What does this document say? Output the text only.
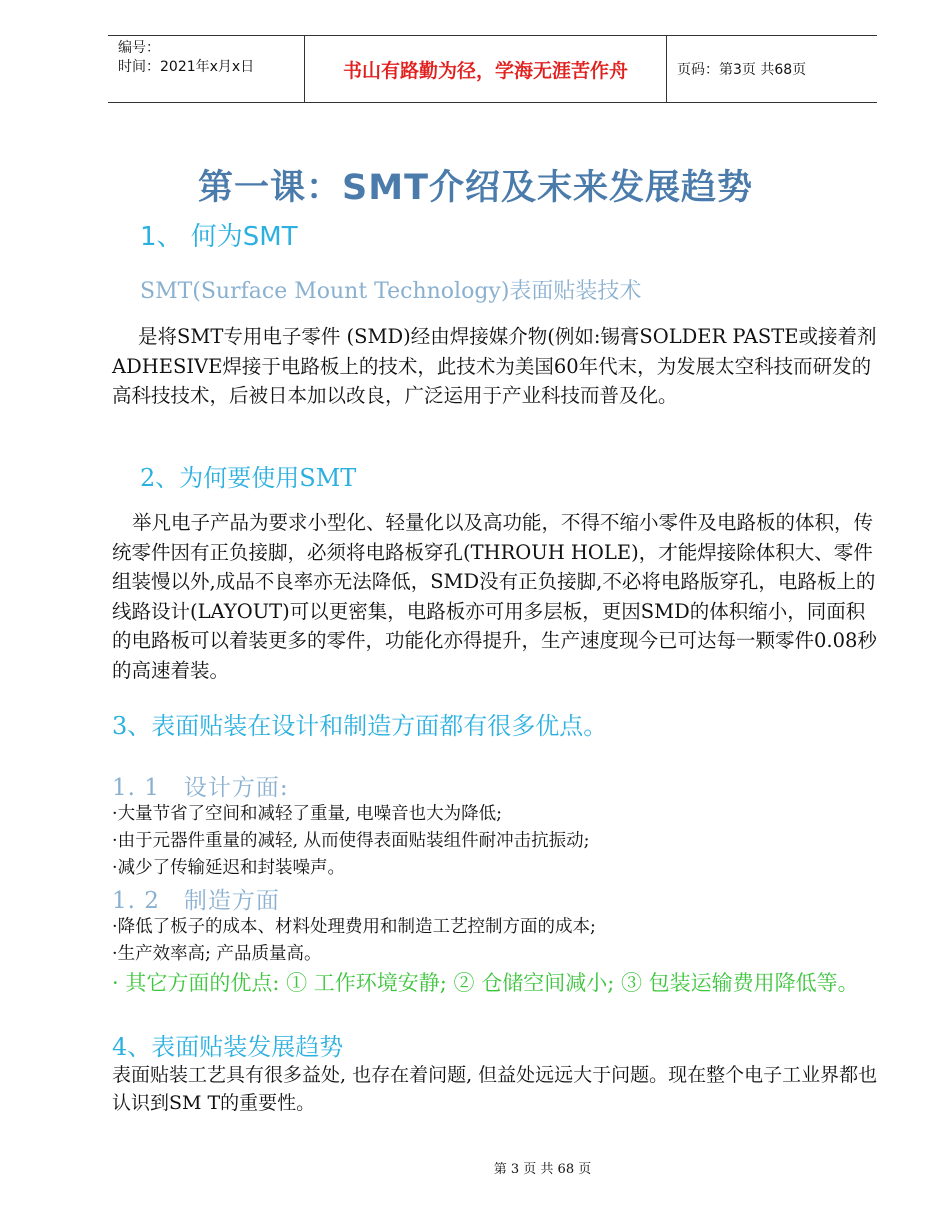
编号：
时间：2021年x月x日	书山有路勤为径，学海无涯苦作舟	页码：第3页 共68页
第一课：SMT介绍及末来发展趋势
1、 何为SMT
SMT(Surface Mount Technology)表面贴装技术
是将SMT专用电子零件 (SMD)经由焊接媒介物(例如:锡膏SOLDER PASTE或接着剂ADHESIVE焊接于电路板上的技术，此技术为美国60年代末，为发展太空科技而研发的高科技技术，后被日本加以改良，广泛运用于产业科技而普及化。
2、为何要使用SMT
举凡电子产品为要求小型化、轻量化以及高功能，不得不缩小零件及电路板的体积，传统零件因有正负接脚，必须将电路板穿孔(THROUH HOLE)，才能焊接除体积大、零件组装慢以外,成品不良率亦无法降低，SMD没有正负接脚,不必将电路版穿孔，电路板上的线路设计(LAYOUT)可以更密集，电路板亦可用多层板，更因SMD的体积缩小，同面积的电路板可以着装更多的零件，功能化亦得提升，生产速度现今已可达每一颗零件0.08秒的高速着装。
3、表面贴装在设计和制造方面都有很多优点。
1. 1　设计方面:
·大量节省了空间和减轻了重量, 电噪音也大为降低;
·由于元器件重量的减轻, 从而使得表面贴装组件耐冲击抗振动;
·减少了传输延迟和封装噪声。
1. 2　制造方面
·降低了板子的成本、材料处理费用和制造工艺控制方面的成本;
·生产效率高; 产品质量高。
· 其它方面的优点: ① 工作环境安静; ② 仓储空间减小; ③ 包装运输费用降低等。
4、表面贴装发展趋势
表面贴装工艺具有很多益处, 也存在着问题, 但益处远远大于问题。现在整个电子工业界都也认识到SM T的重要性。
第 3 页 共 68 页
